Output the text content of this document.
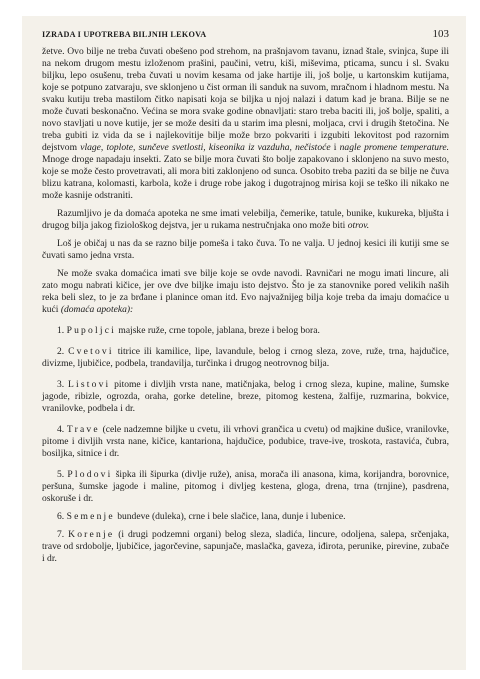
IZRADA I UPOTREBA BILJNIH LEKOVA	103

žetve. Ovo bilje ne treba čuvati obešeno pod strehom, na prašnjavom tavanu, iznad štale, svinjca, šupe ili na nekom drugom mestu izloženom prašini, paučini, vetru, kiši, miševima, pticama, suncu i sl. Svaku biljku, lepo osušenu, treba čuvati u novim kesama od jake hartije ili, još bolje, u kartonskim kutijama, koje se potpuno zatvaraju, sve sklonjeno u čist orman ili sanduk na suvom, mračnom i hladnom mestu. Na svaku kutiju treba mastilom čitko napisati koja se biljka u njoj nalazi i datum kad je brana. Bilje se ne može čuvati beskonačno. Većina se mora svake godine obnavljati: staro treba baciti ili, još bolje, spaliti, a novo stavljati u nove kutije, jer se može desiti da u starim ima plesni, moljaca, crvi i drugih štetočina. Ne treba gubiti iz vida da se i najlekovitije bilje može brzo pokvariti i izgubiti lekovitost pod razornim dejstvom vlage, toplote, sunčeve svetlosti, kiseonika iz vazduha, nečistoće i nagle promene temperature. Mnoge droge napadaju insekti. Zato se bilje mora čuvati što bolje zapakovano i sklonjeno na suvo mesto, koje se može često provetravati, ali mora biti zaklonjeno od sunca. Osobito treba paziti da se bilje ne čuva blizu katrana, kolomasti, karbola, kože i druge robe jakog i dugotrajnog mirisa koji se teško ili nikako ne može kasnije odstraniti.

Razumljivo je da domaća apoteka ne sme imati velebilja, čemerike, tatule, bunike, kukureka, bljušta i drugog bilja jakog fiziološkog dejstva, jer u rukama nestručnjaka ono može biti otrov.

Loš je običaj u nas da se razno bilje pomeša i tako čuva. To ne valja. U jednoj kesici ili kutiji sme se čuvati samo jedna vrsta.

Ne može svaka domaćica imati sve bilje koje se ovde navodi. Ravničari ne mogu imati lincure, ali zato mogu nabrati kičice, jer ove dve biljke imaju isto dejstvo. Što je za stanovnike pored velikih naših reka beli slez, to je za brđane i planince oman itd. Evo najvažnijeg bilja koje treba da imaju domaćice u kući (domaća apoteka):

1. Pupoljci majske ruže, crne topole, jablana, breze i belog bora.

2. Cvetovi titrice ili kamilice, lipe, lavandule, belog i crnog sleza, zove, ruže, trna, hajdučice, divizme, ljubičice, podbela, trandavilja, turčinka i drugog neotrovnog bilja.

3. Listovi pitome i divljih vrsta nane, matičnjaka, belog i crnog sleza, kupine, maline, šumske jagode, ribizle, ogrozda, oraha, gorke deteline, breze, pitomog kestena, žalfije, ruzmarina, bokvice, vranilovke, podbela i dr.

4. Trave (cele nadzemne biljke u cvetu, ili vrhovi grančica u cvetu) od majkine dušice, vranilovke, pitome i divljih vrsta nane, kičice, kantariona, hajdučice, podubice, trave-ive, troskota, rastavića, čubra, bosiljka, sitnice i dr.

5. Plodovi šipka ili šipurka (divlje ruže), anisa, morača ili anasona, kima, korijandra, borovnice, peršuna, šumske jagode i maline, pitomog i divljeg kestena, gloga, drena, trna (trnjine), pasdrena, oskoruše i dr.

6. Semenje bundeve (duleka), crne i bele slačice, lana, dunje i lubenice.

7. Korenje (i drugi podzemni organi) belog sleza, sladića, lincure, odoljena, salepa, srčenjaka, trave od srdobolje, ljubičice, jagorčevine, sapunjače, maslačka, gaveza, iđirota, perunike, pirevine, zubače i dr.
